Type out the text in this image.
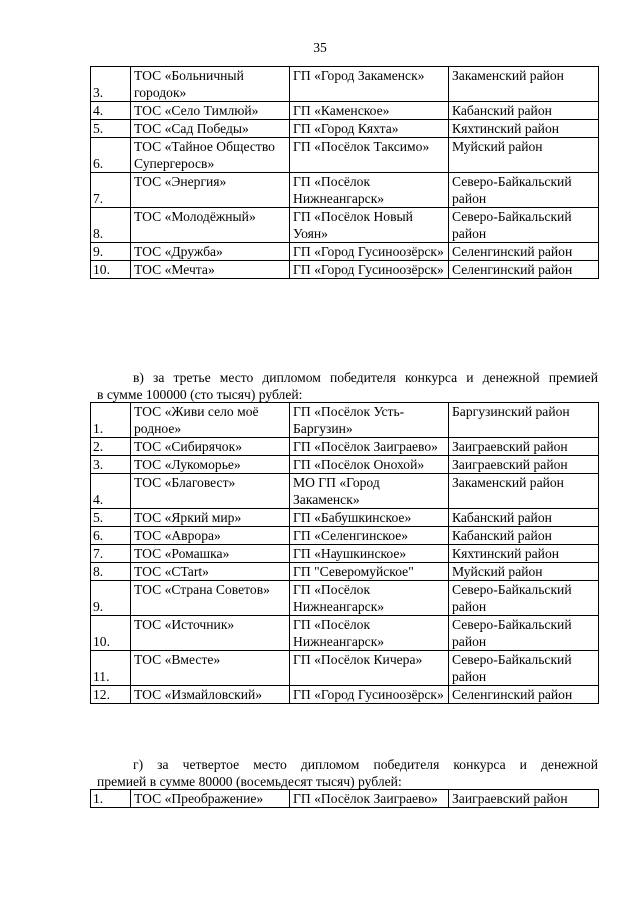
35
3.	ТОС «Больничный городок»	ГП «Город Закаменск»	Закаменский район
4.	ТОС «Село Тимлюй»	ГП «Каменское»	Кабанский район
5.	ТОС «Сад Победы»	ГП «Город Кяхта»	Кяхтинский район
6.	ТОС «Тайное Общество Супергеросв»	ГП «Посёлок Таксимо»	Муйский район
7.	ТОС «Энергия»	ГП «Посёлок Нижнеангарск»	Северо-Байкальский район
8.	ТОС «Молодёжный»	ГП «Посёлок Новый Уоян»	Северо-Байкальский район
9.	ТОС «Дружба»	ГП «Город Гусиноозёрск»	Селенгинский район
10.	ТОС «Мечта»	ГП «Город Гусиноозёрск»	Селенгинский район
в) за третье место дипломом победителя конкурса и денежной премией
в сумме 100000 (сто тысяч) рублей:
1.	ТОС «Живи село моё родное»	ГП «Посёлок Усть-Баргузин»	Баргузинский район
2.	ТОС «Сибирячок»	ГП «Посёлок Заиграево»	Заиграевский район
3.	ТОС «Лукоморье»	ГП «Посёлок Онохой»	Заиграевский район
4.	ТОС «Благовест»	МО ГП «Город Закаменск»	Закаменский район
5.	ТОС «Яркий мир»	ГП «Бабушкинское»	Кабанский район
6.	ТОС «Аврора»	ГП «Селенгинское»	Кабанский район
7.	ТОС «Ромашка»	ГП «Наушкинское»	Кяхтинский район
8.	ТОС «CTart»	ГП "Северомуйское"	Муйский район
9.	ТОС «Страна Советов»	ГП «Посёлок Нижнеангарск»	Северо-Байкальский район
10.	ТОС «Источник»	ГП «Посёлок Нижнеангарск»	Северо-Байкальский район
11.	ТОС «Вместе»	ГП «Посёлок Кичера»	Северо-Байкальский район
12.	ТОС «Измайловский»	ГП «Город Гусиноозёрск»	Селенгинский район
г) за четвертое место дипломом победителя конкурса и денежной
премией в сумме 80000 (восемьдесят тысяч) рублей:
1.	ТОС «Преображение»	ГП «Посёлок Заиграево»	Заиграевский район
